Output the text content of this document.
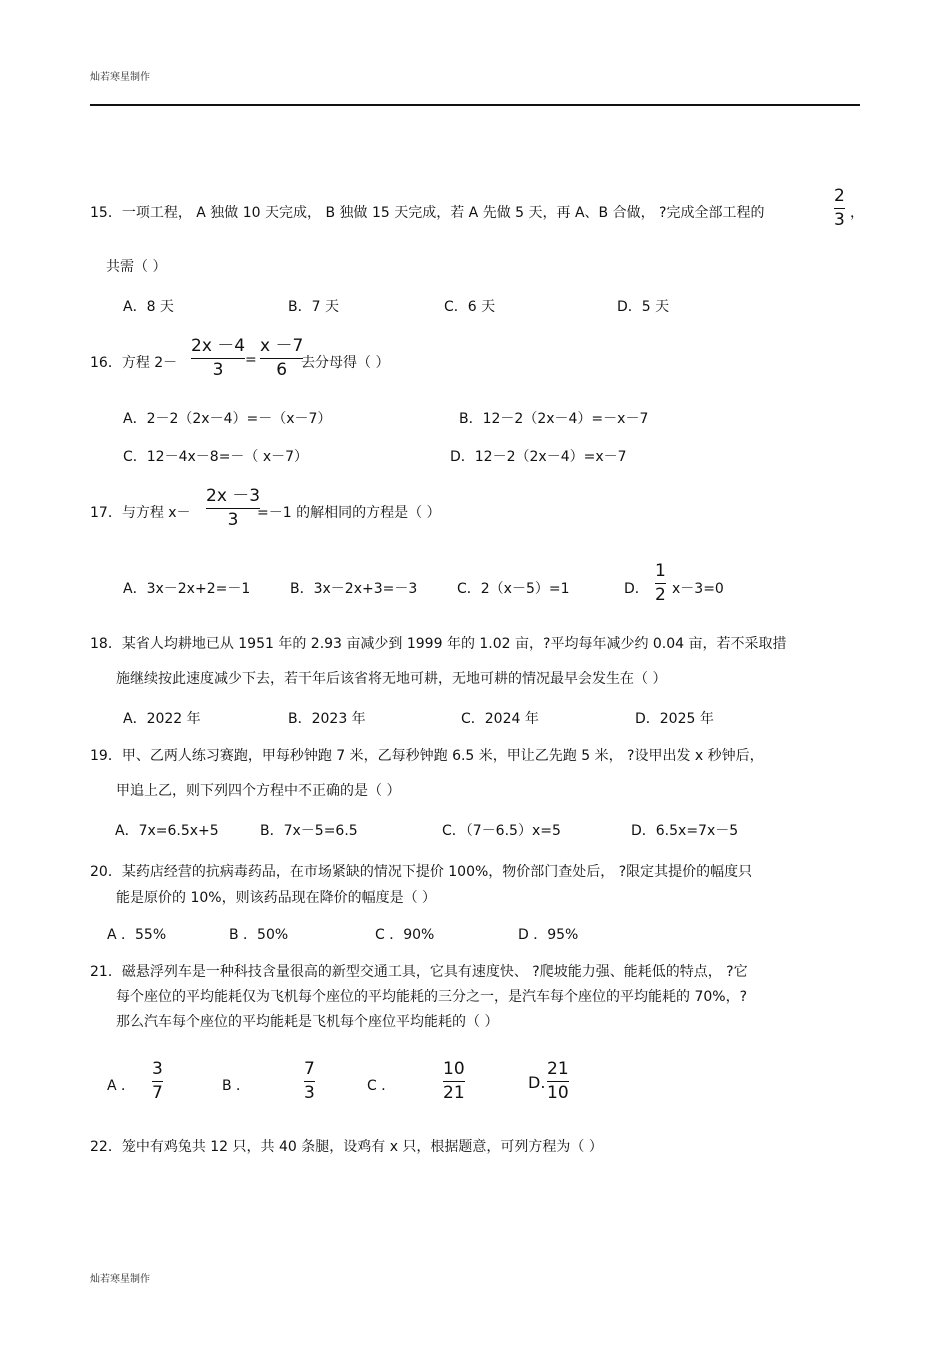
灿若寒星制作
15．一项工程， A 独做 10 天完成， B 独做 15 天完成，若 A 先做 5 天，再 A、B 合做， ?完成全部工程的
2
3 ，
共需（ ）
A．8 天	B．7 天	C．6 天	D．5 天
16．方程 2－
2x －4
3 =
x －7
6 去分母得（ ）
A．2－2（2x－4）=－（x－7）	B．12－2（2x－4）=－x－7
C．12－4x－8=－（ x－7）	D．12－2（2x－4）=x－7
17．与方程 x－
2x －3
3 =－1 的解相同的方程是（ ）
A．3x－2x+2=－1	B．3x－2x+3=－3	C．2（x－5）=1	D．
1
2 x－3=0
18．某省人均耕地已从 1951 年的 2.93 亩减少到 1999 年的 1.02 亩，?平均每年减少约 0.04 亩，若不采取措
施继续按此速度减少下去，若干年后该省将无地可耕，无地可耕的情况最早会发生在（ ）
A．2022 年	B．2023 年	C．2024 年	D．2025 年
19．甲、乙两人练习赛跑，甲每秒钟跑 7 米，乙每秒钟跑 6.5 米，甲让乙先跑 5 米， ?设甲出发 x 秒钟后，
甲追上乙，则下列四个方程中不正确的是（ ）
A．7x=6.5x+5	B．7x－5=6.5	C．（7－6.5）x=5	D．6.5x=7x－5
20．某药店经营的抗病毒药品，在市场紧缺的情况下提价 100%，物价部门查处后， ?限定其提价的幅度只
能是原价的 10%，则该药品现在降价的幅度是（ ）
A ．55%	B ．50%	C ．90%	D ．95%
21．磁悬浮列车是一种科技含量很高的新型交通工具，它具有速度快、 ?爬坡能力强、能耗低的特点， ?它
每个座位的平均能耗仅为飞机每个座位的平均能耗的三分之一，是汽车每个座位的平均能耗的 70%，?
那么汽车每个座位的平均能耗是飞机每个座位平均能耗的（ ）
A ．
3
7	B ．
7
3	C ．
10
21
D.
21
10
22．笼中有鸡兔共 12 只，共 40 条腿，设鸡有 x 只，根据题意，可列方程为（ ）
灿若寒星制作
